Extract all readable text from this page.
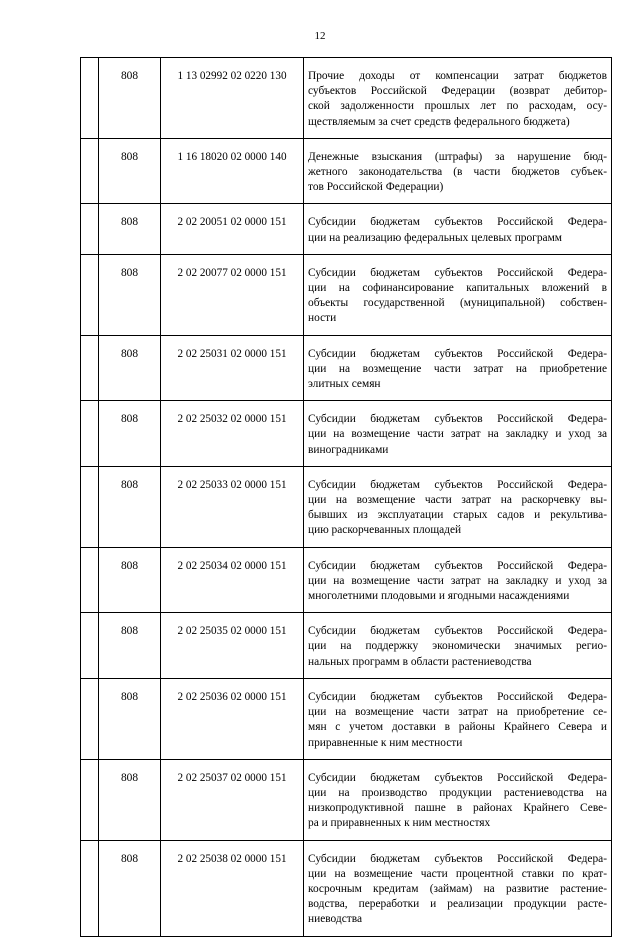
12
	808	1 13 02992 02 0220 130	Прочие доходы от компенсации затрат бюджетов
субъектов Российской Федерации (возврат дебитор-
ской задолженности прошлых лет по расходам, осу-
ществляемым за счет средств федерального бюджета)

	808	1 16 18020 02 0000 140	Денежные взыскания (штрафы) за нарушение бюд-
жетного законодательства (в части бюджетов субъек-
тов Российской Федерации)

	808	2 02 20051 02 0000 151	Субсидии бюджетам субъектов Российской Федера-
ции на реализацию федеральных целевых программ

	808	2 02 20077 02 0000 151	Субсидии бюджетам субъектов Российской Федера-
ции на софинансирование капитальных вложений в
объекты государственной (муниципальной) собствен-
ности

	808	2 02 25031 02 0000 151	Субсидии бюджетам субъектов Российской Федера-
ции на возмещение части затрат на приобретение
элитных семян

	808	2 02 25032 02 0000 151	Субсидии бюджетам субъектов Российской Федера-
ции на возмещение части затрат на закладку и уход за
виноградниками

	808	2 02 25033 02 0000 151	Субсидии бюджетам субъектов Российской Федера-
ции на возмещение части затрат на раскорчевку вы-
бывших из эксплуатации старых садов и рекультива-
цию раскорчеванных площадей

	808	2 02 25034 02 0000 151	Субсидии бюджетам субъектов Российской Федера-
ции на возмещение части затрат на закладку и уход за
многолетними плодовыми и ягодными насаждениями

	808	2 02 25035 02 0000 151	Субсидии бюджетам субъектов Российской Федера-
ции на поддержку экономически значимых регио-
нальных программ в области растениеводства

	808	2 02 25036 02 0000 151	Субсидии бюджетам субъектов Российской Федера-
ции на возмещение части затрат на приобретение се-
мян с учетом доставки в районы Крайнего Севера и
приравненные к ним местности

	808	2 02 25037 02 0000 151	Субсидии бюджетам субъектов Российской Федера-
ции на производство продукции растениеводства на
низкопродуктивной пашне в районах Крайнего Севе-
ра и приравненных к ним местностях

	808	2 02 25038 02 0000 151	Субсидии бюджетам субъектов Российской Федера-
ции на возмещение части процентной ставки по крат-
косрочным кредитам (займам) на развитие растение-
водства, переработки и реализации продукции расте-
ниеводства
